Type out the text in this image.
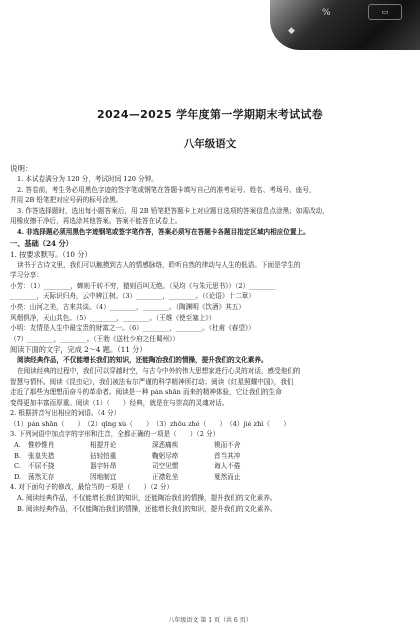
%
◆
▭
2024—2025 学年度第一学期期末考试试卷
八年级语文
说明：

1. 本试卷满分为 120 分，考试时间 120 分钟。

2. 答卷前，考生务必用黑色字迹的签字笔或钢笔在答题卡填写自己的准考证号、姓名、考场号、座号，

并用 2B 铅笔把对应号码的标号涂黑。

3. 作答选择题时，选出每小题答案后，用 2B 铅笔把答题卡上对应题目选项的答案信息点涂黑；如需改动，

用橡皮擦干净后，再选涂其他答案。答案不能答在试卷上。

4. 非选择题必须用黑色字迹钢笔或签字笔作答，答案必须写在答题卡各题目指定区域内相应位置上。

一、基础（24 分）
1. 按要求默写。（10 分）

读书于古诗文里，我们可以触摸到古人的情感脉络，聆听自然的律动与人生的低语。下面是学生的

学习分享：

小芳：（1）________，蝉则千转不穷，猿则百叫无绝。（吴均《与朱元思书》）（2）________

________，天际识归舟，云中辨江树。（3）________，________。（《论语》十二章）

小亮：山河之美，古来共谈。（4）________，________。（陶渊明《饮酒》其五）

风烟俱净，天山共色。（5）________，________。（王维《使至塞上》）

小明：友情是人生中最宝贵的财富之一。（6）________，________。（杜甫《春望》）

（7）________，________。（王勃《送杜少府之任蜀州》）

阅读下面的文字，完成 2～4 题。（11 分）

阅读经典作品，不仅能增长我们的知识，还能陶冶我们的情操，提升我们的文化素养。

在阅读经典的过程中，我们可以穿越时空，与古今中外的伟大思想家进行心灵的对话，感受他们的

智慧与情怀。阅读《昆虫记》，我们被法布尔严谨的科学精神所打动；阅读《红星照耀中国》，我们

走近了那些为理想而奋斗的革命者。阅读是一种 pán shān 而来的精神体验，它让我们的生命

变得更加丰富而厚重。阅读（1）（　　）经典，就是在与崇高的灵魂对话。

2. 根据拼音写出相应的词语。（4 分）

（1）pán shān（　　）　（2）qīng xù（　　）　（3）zhōu zhé（　　）　（4）jié zhì（　　）

3. 下列词语中加点字的字形和注音，全都正确的一项是（　　）（2 分）

A.	惟妙惟肖	相提并论	深恶痛疾	锲而不舍
B.	张皇失措	拈轻怕重	鞠躬尽瘁	首当其冲
C.	不屈不挠	器宇轩昂	司空见惯	诲人不倦
D.	荡然无存	因地制宜	正襟危坐	戛然而止

4. 对下面句子的修改，最恰当的一项是（　　）（2 分）

A. 阅读经典作品，不仅能增长我们的知识，还能陶冶我们的情操，提升我们的文化素养。

B. 阅读经典作品，不仅能陶冶我们的情操，还能增长我们的知识，提升我们的文化素养。

八年级语文 第 1 页（共 6 页）
